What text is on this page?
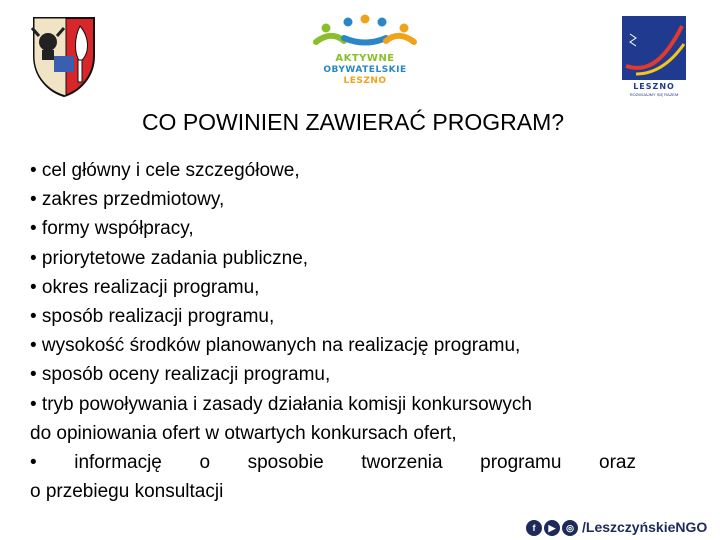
AKTYWNE
OBYWATELSKIE
LESZNO
LESZNO
ROZWIJAJMY SIĘ RAZEM
CO POWINIEN ZAWIERAĆ PROGRAM?

• cel główny i cele szczegółowe,

• zakres przedmiotowy,

• formy współpracy,

• priorytetowe zadania publiczne,

• okres realizacji programu,

• sposób realizacji programu,

• wysokość środków planowanych na realizację programu,

• sposób oceny realizacji programu,

• tryb powoływania i zasady działania komisji konkursowych

do opiniowania ofert w otwartych konkursach ofert,

• informację o sposobie tworzenia programu oraz

o przebiegu konsultacji

f	▶	◎ /LeszczyńskieNGO
